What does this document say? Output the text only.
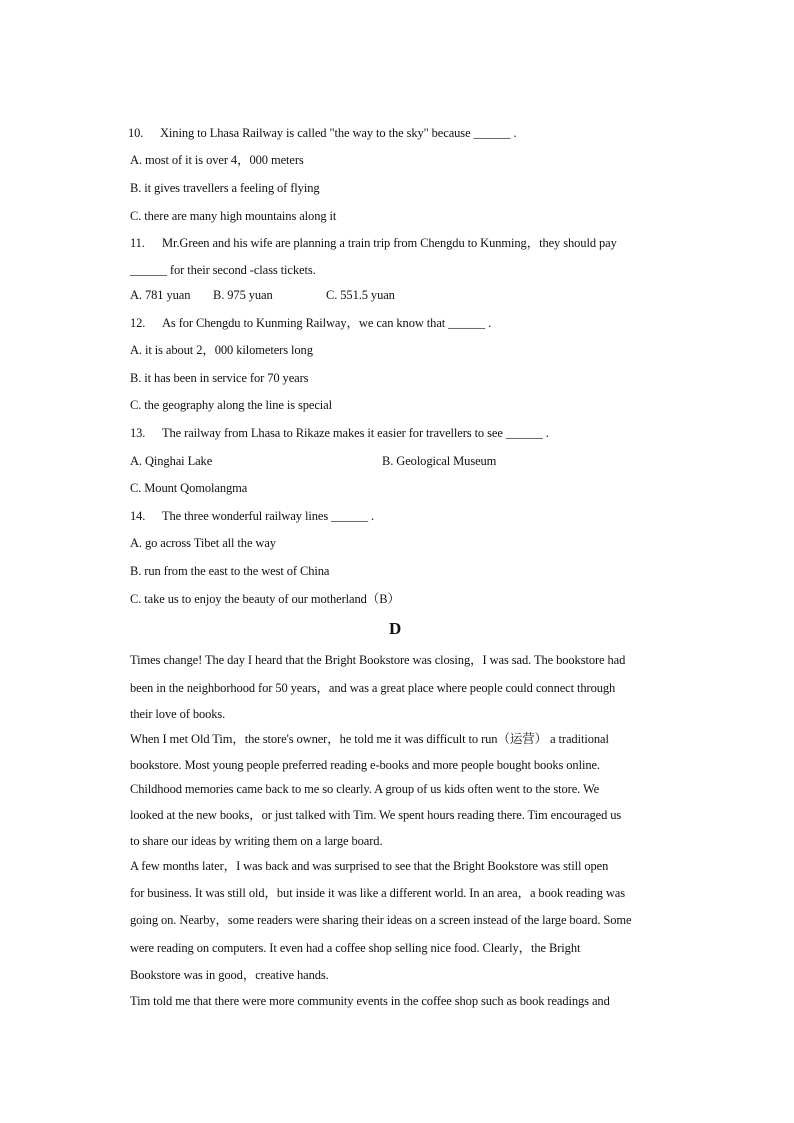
10. Xining to Lhasa Railway is called "the way to the sky" because ______ .
A. most of it is over 4，000 meters
B. it gives travellers a feeling of flying
C. there are many high mountains along it
11. Mr.Green and his wife are planning a train trip from Chengdu to Kunming，they should pay
______ for their second -class tickets.
A. 781 yuan B. 975 yuan	C. 551.5 yuan
12. As for Chengdu to Kunming Railway，we can know that ______ .
A. it is about 2，000 kilometers long
B. it has been in service for 70 years
C. the geography along the line is special
13. The railway from Lhasa to Rikaze makes it easier for travellers to see ______ .
A. Qinghai Lake	B. Geological Museum
C. Mount Qomolangma
14. The three wonderful railway lines ______ .
A. go across Tibet all the way
B. run from the east to the west of China
C. take us to enjoy the beauty of our motherland（B）
D
Times change! The day I heard that the Bright Bookstore was closing，I was sad. The bookstore had
been in the neighborhood for 50 years，and was a great place where people could connect through
their love of books.
When I met Old Tim，the store's owner，he told me it was difficult to run（运营） a traditional
bookstore. Most young people preferred reading e-books and more people bought books online.
Childhood memories came back to me so clearly. A group of us kids often went to the store. We
looked at the new books，or just talked with Tim. We spent hours reading there. Tim encouraged us
to share our ideas by writing them on a large board.
A few months later，I was back and was surprised to see that the Bright Bookstore was still open
for business. It was still old，but inside it was like a different world. In an area，a book reading was
going on. Nearby，some readers were sharing their ideas on a screen instead of the large board. Some
were reading on computers. It even had a coffee shop selling nice food. Clearly，the Bright
Bookstore was in good，creative hands.
Tim told me that there were more community events in the coffee shop such as book readings and
